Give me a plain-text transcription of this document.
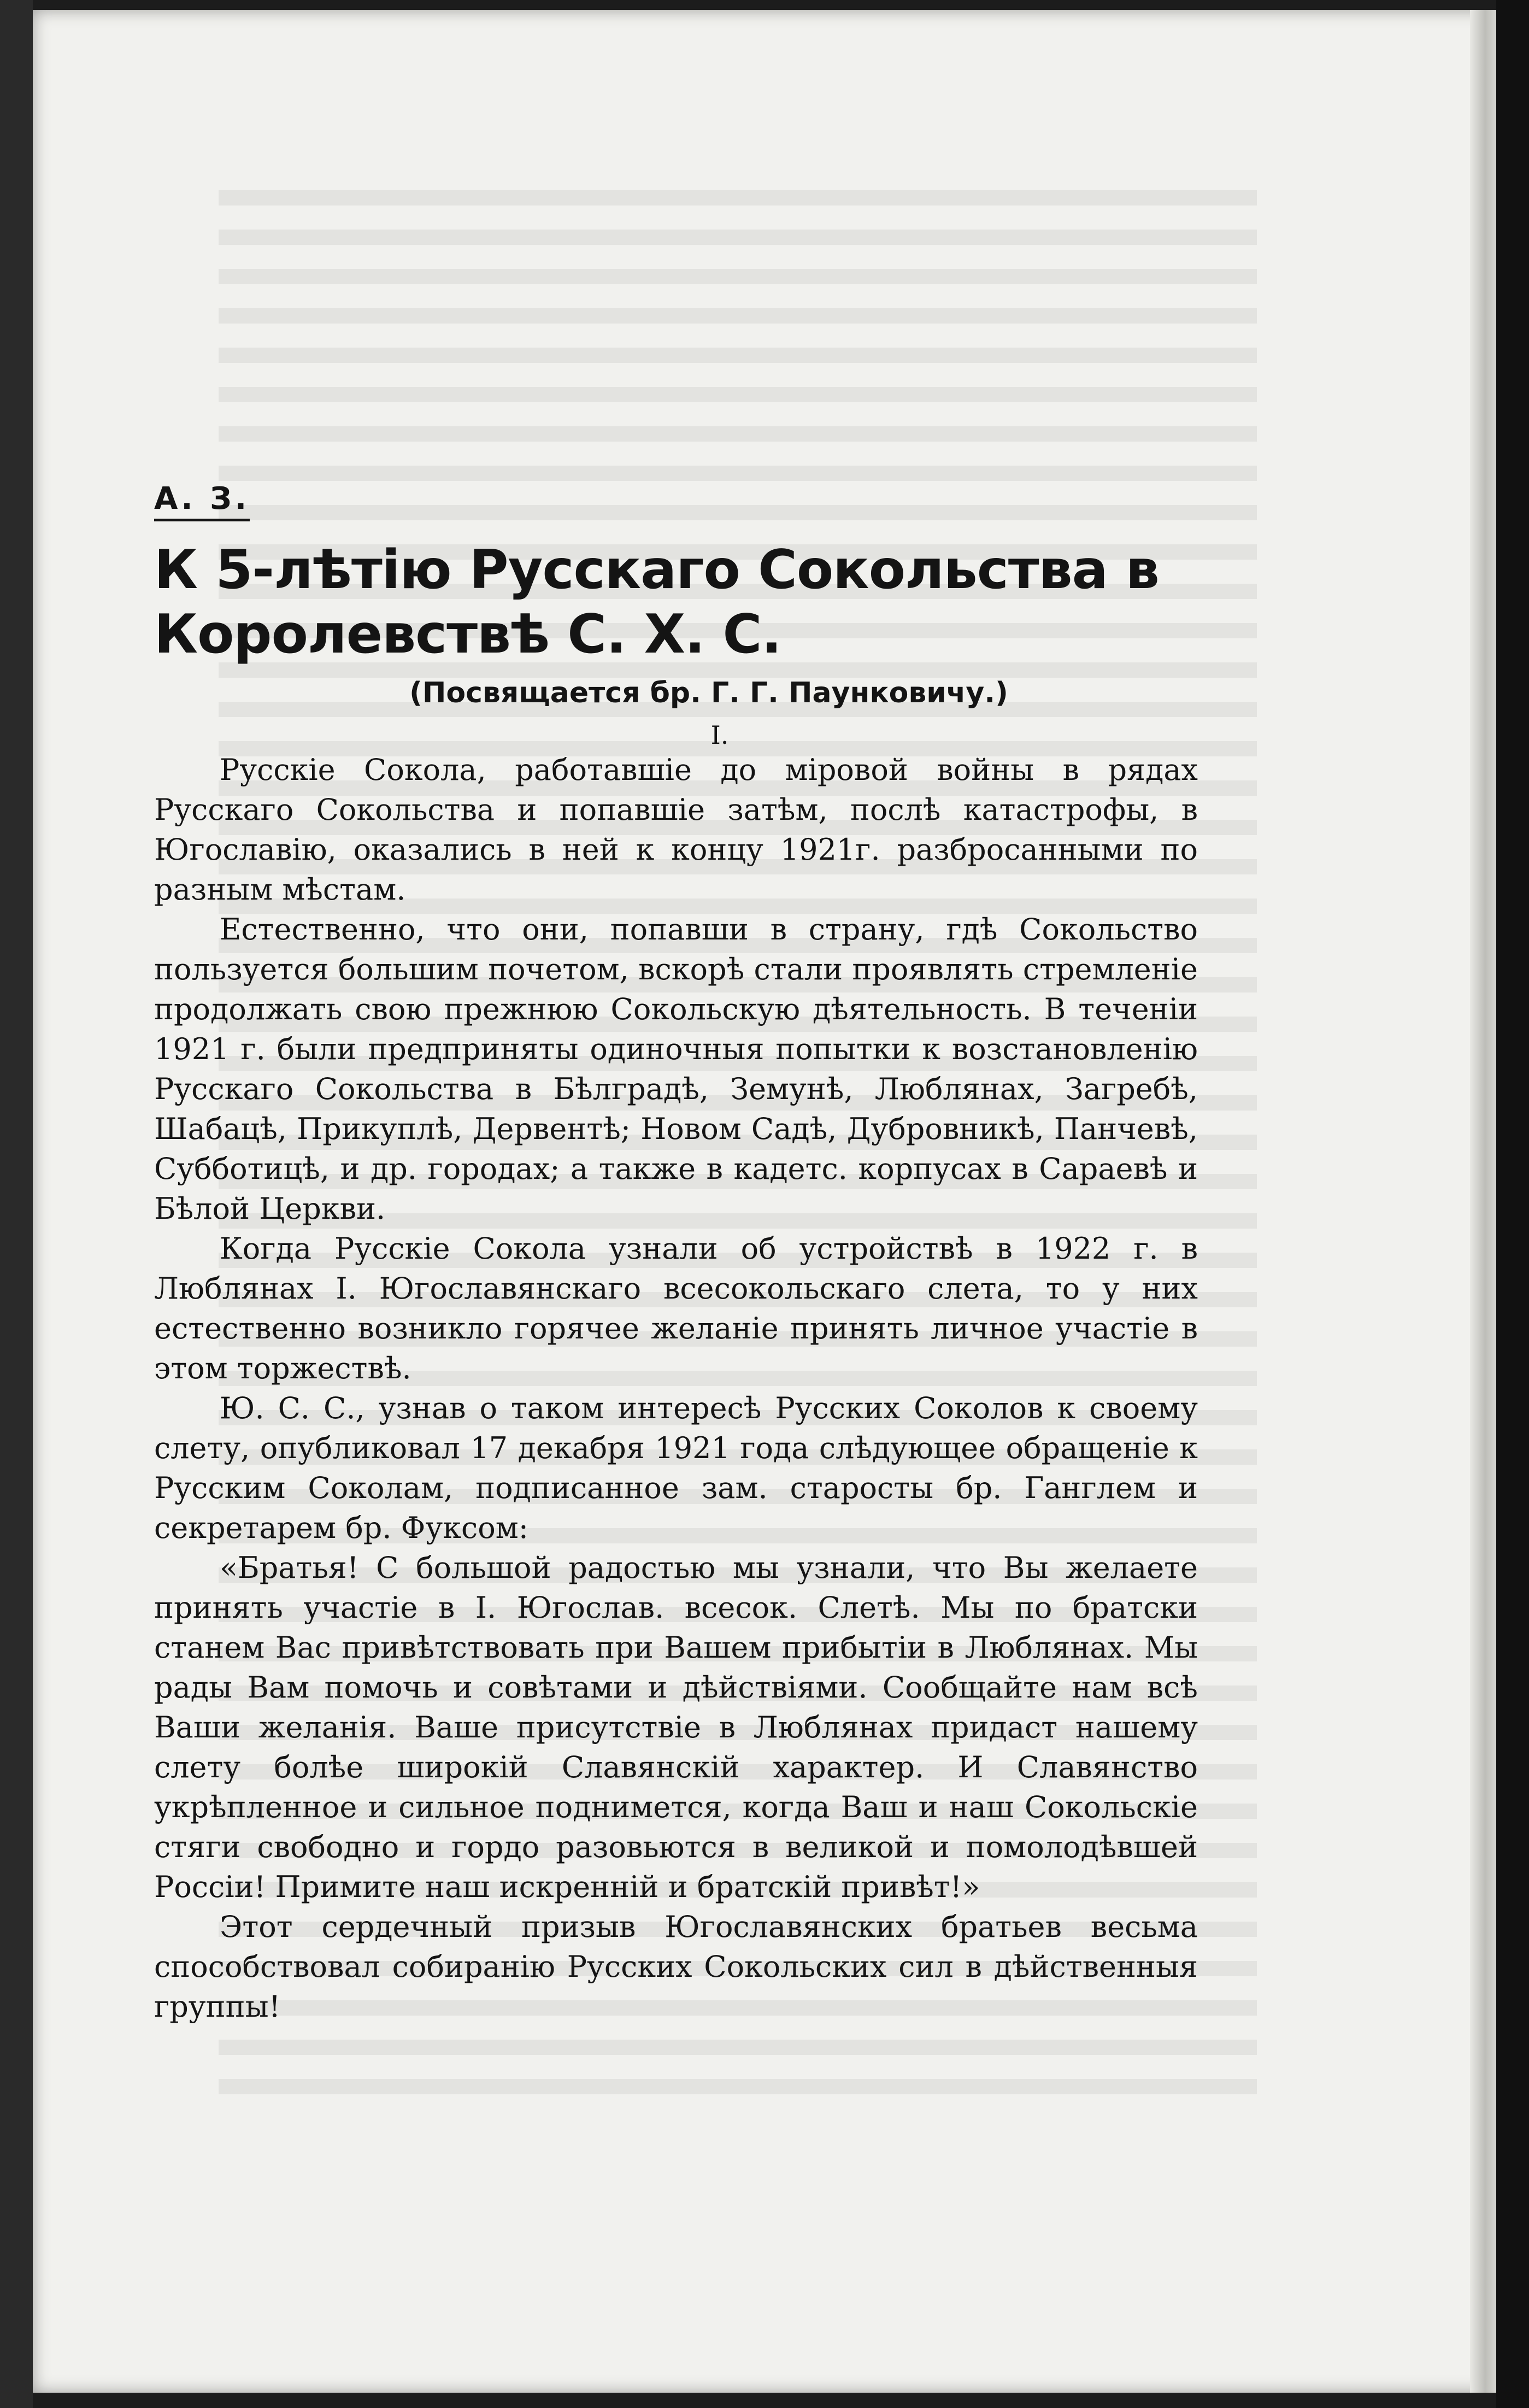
А. З.
К 5-лѣтію Русскаго Сокольства в Королевствѣ С. Х. С.
(Посвящается бр. Г. Г. Паункoвичу.)
I.

Русскіе Сокола, работавшіе до міровой войны в рядах Русскаго Сокольства и попавшіе затѣм, послѣ катастрофы, в Югославію, оказались в ней к концу 1921г. разбросанными по разным мѣстам.

Естественно, что они, попавши в страну, гдѣ Сокольство пользуется большим почетом, вскорѣ стали проявлять стремленіе продолжать свою прежнюю Сокольскую дѣятельность. В теченіи 1921 г. были предприняты одиночныя попытки к возстановленію Русскаго Сокольства в Бѣлградѣ, Земунѣ, Люблянах, Загребѣ, Шабацѣ, Прикуплѣ, Дервентѣ; Новом Садѣ, Дубровникѣ, Панчевѣ, Субботицѣ, и др. городах; а также в кадетс. корпусах в Сараевѣ и Бѣлой Церкви.

Когда Русскіе Сокола узнали об устройствѣ в 1922 г. в Люблянах I. Югославянскаго всесокольскаго слета, то у них естественно возникло горячее желаніе принять личное участіе в этом торжествѣ.

Ю. С. С., узнав о таком интересѣ Русских Соколов к своему слету, опубликовал 17 декабря 1921 года слѣдующее обращеніе к Русским Соколам, подписанное зам. старосты бр. Ганглем и секретарем бр. Фуксом:

«Братья! С большой радостью мы узнали, что Вы желаете принять участіе в I. Югослав. всесок. Слетѣ. Мы по братски станем Вас привѣтствовать при Вашем прибытіи в Люблянах. Мы рады Вам помочь и совѣтами и дѣйствіями. Сообщайте нам всѣ Ваши желанія. Ваше присутствіе в Люблянах придаст нашему слету болѣе широкій Славянскій характер. И Славянство укрѣпленное и сильное поднимется, когда Ваш и наш Сокольскіе стяги свободно и гордо разовьются в великой и помолодѣвшей Россіи! Примите наш искренній и братскій привѣт!»

Этот сердечный призыв Югославянских братьев весьма способствовал собиранію Русских Сокольских сил в дѣйственныя группы!
